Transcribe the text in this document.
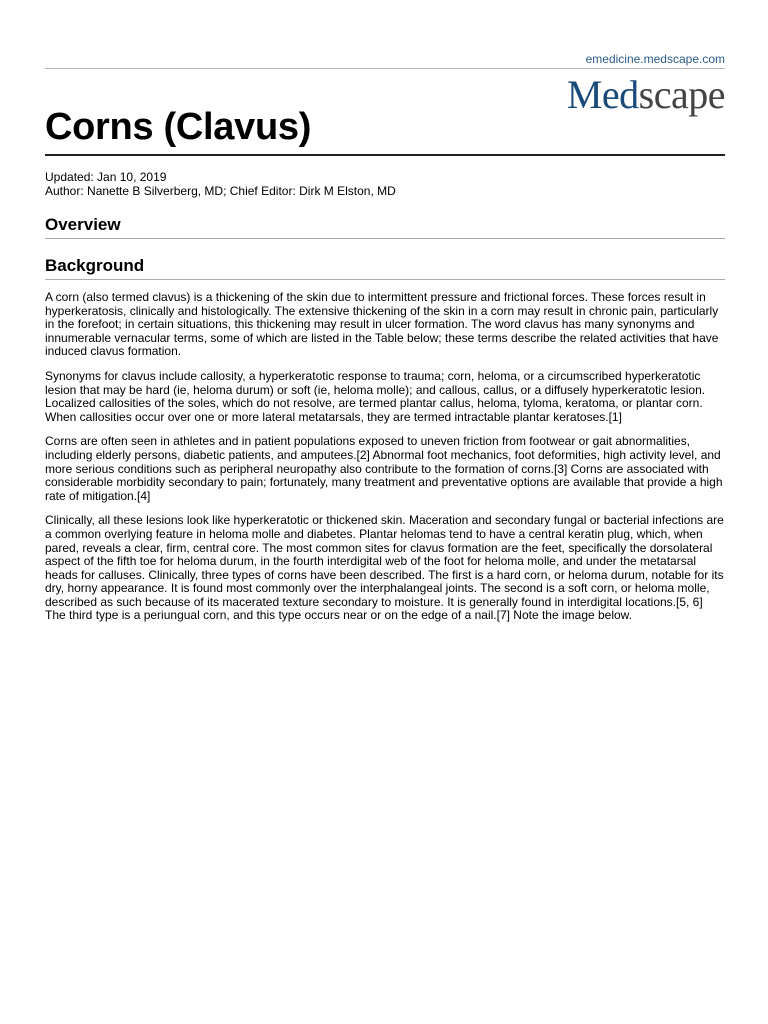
emedicine.medscape.com
Medscape
Corns (Clavus)
Updated: Jan 10, 2019
Author: Nanette B Silverberg, MD; Chief Editor: Dirk M Elston, MD
Overview
Background

A corn (also termed clavus) is a thickening of the skin due to intermittent pressure and frictional forces. These forces result in hyperkeratosis, clinically and histologically. The extensive thickening of the skin in a corn may result in chronic pain, particularly in the forefoot; in certain situations, this thickening may result in ulcer formation. The word clavus has many synonyms and innumerable vernacular terms, some of which are listed in the Table below; these terms describe the related activities that have induced clavus formation.

Synonyms for clavus include callosity, a hyperkeratotic response to trauma; corn, heloma, or a circumscribed hyperkeratotic lesion that may be hard (ie, heloma durum) or soft (ie, heloma molle); and callous, callus, or a diffusely hyperkeratotic lesion. Localized callosities of the soles, which do not resolve, are termed plantar callus, heloma, tyloma, keratoma, or plantar corn. When callosities occur over one or more lateral metatarsals, they are termed intractable plantar keratoses.[1]

Corns are often seen in athletes and in patient populations exposed to uneven friction from footwear or gait abnormalities, including elderly persons, diabetic patients, and amputees.[2] Abnormal foot mechanics, foot deformities, high activity level, and more serious conditions such as peripheral neuropathy also contribute to the formation of corns.[3] Corns are associated with considerable morbidity secondary to pain; fortunately, many treatment and preventative options are available that provide a high rate of mitigation.[4]

Clinically, all these lesions look like hyperkeratotic or thickened skin. Maceration and secondary fungal or bacterial infections are a common overlying feature in heloma molle and diabetes. Plantar helomas tend to have a central keratin plug, which, when pared, reveals a clear, firm, central core. The most common sites for clavus formation are the feet, specifically the dorsolateral aspect of the fifth toe for heloma durum, in the fourth interdigital web of the foot for heloma molle, and under the metatarsal heads for calluses. Clinically, three types of corns have been described. The first is a hard corn, or heloma durum, notable for its dry, horny appearance. It is found most commonly over the interphalangeal joints. The second is a soft corn, or heloma molle, described as such because of its macerated texture secondary to moisture. It is generally found in interdigital locations.[5, 6] The third type is a periungual corn, and this type occurs near or on the edge of a nail.[7] Note the image below.
